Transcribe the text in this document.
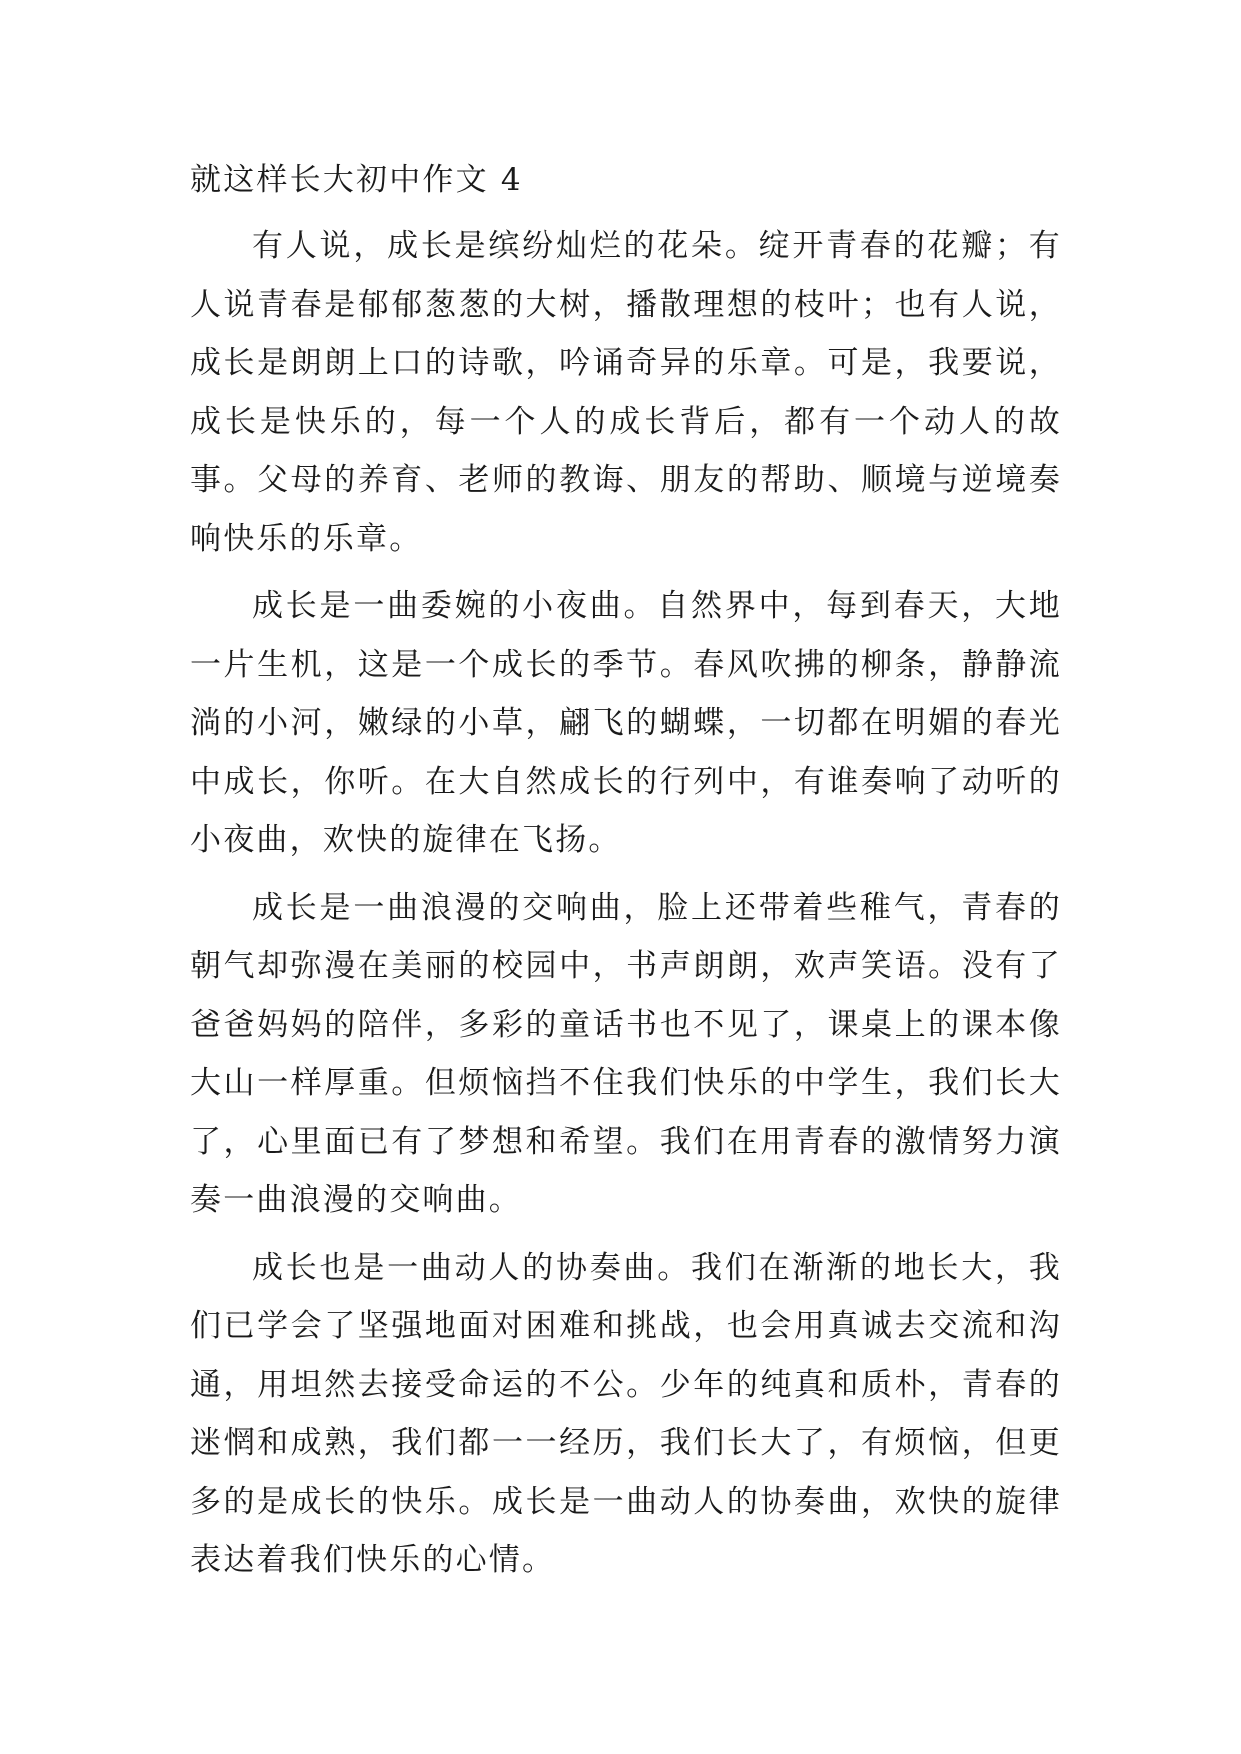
就这样长大初中作文 4

有人说，成长是缤纷灿烂的花朵。绽开青春的花瓣；有人说青春是郁郁葱葱的大树，播散理想的枝叶；也有人说，成长是朗朗上口的诗歌，吟诵奇异的乐章。可是，我要说，成长是快乐的，每一个人的成长背后，都有一个动人的故事。父母的养育、老师的教诲、朋友的帮助、顺境与逆境奏响快乐的乐章。

成长是一曲委婉的小夜曲。自然界中，每到春天，大地一片生机，这是一个成长的季节。春风吹拂的柳条，静静流淌的小河，嫩绿的小草，翩飞的蝴蝶，一切都在明媚的春光中成长，你听。在大自然成长的行列中，有谁奏响了动听的小夜曲，欢快的旋律在飞扬。

成长是一曲浪漫的交响曲，脸上还带着些稚气，青春的朝气却弥漫在美丽的校园中，书声朗朗，欢声笑语。没有了爸爸妈妈的陪伴，多彩的童话书也不见了，课桌上的课本像大山一样厚重。但烦恼挡不住我们快乐的中学生，我们长大了，心里面已有了梦想和希望。我们在用青春的激情努力演奏一曲浪漫的交响曲。

成长也是一曲动人的协奏曲。我们在渐渐的地长大，我们已学会了坚强地面对困难和挑战，也会用真诚去交流和沟通，用坦然去接受命运的不公。少年的纯真和质朴，青春的迷惘和成熟，我们都一一经历，我们长大了，有烦恼，但更多的是成长的快乐。成长是一曲动人的协奏曲，欢快的旋律表达着我们快乐的心情。
